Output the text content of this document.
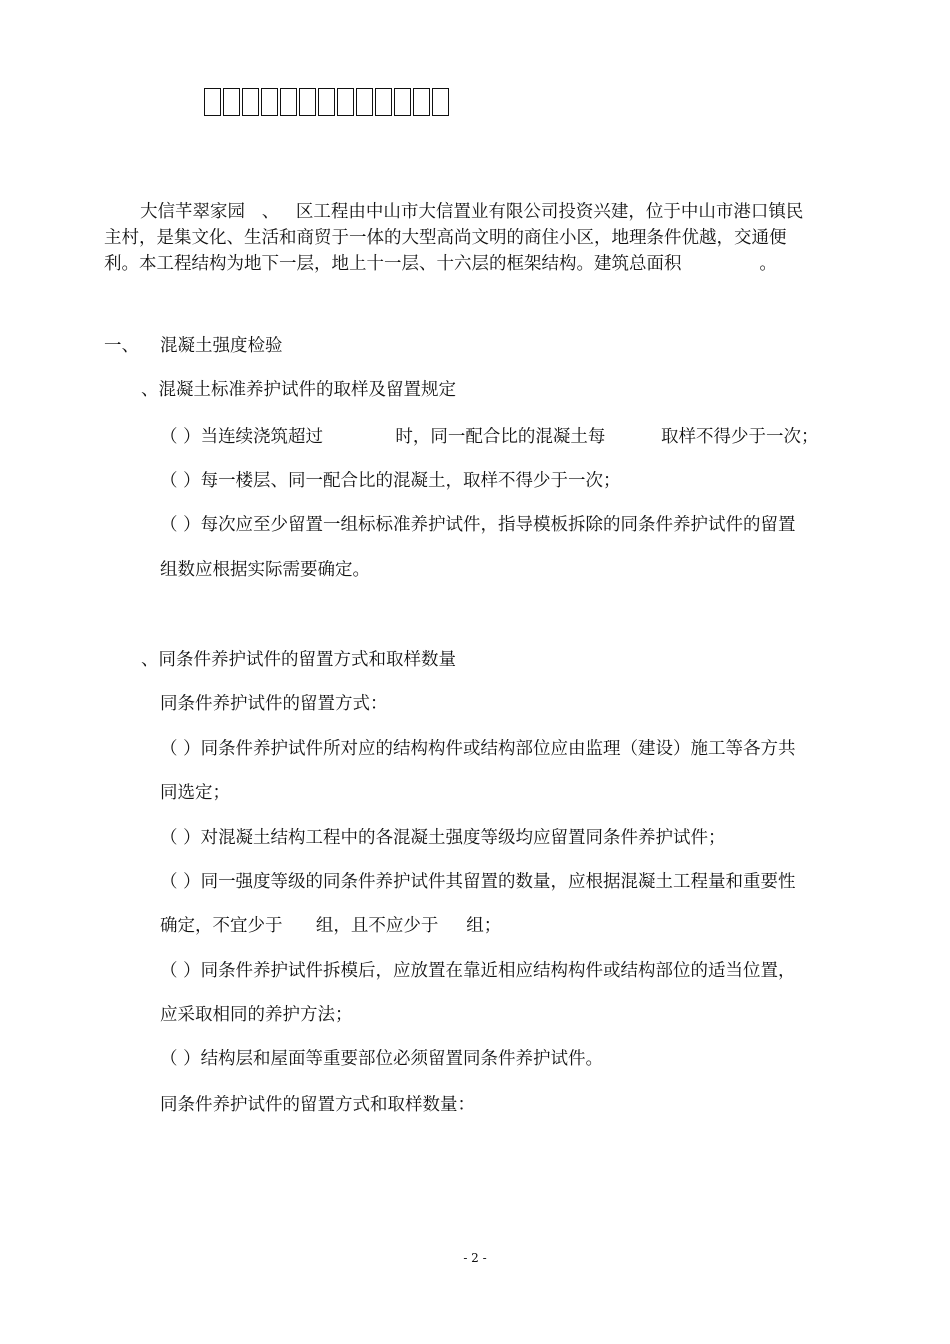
大信芊翠家园   、   区工程由中山市大信置业有限公司投资兴建，位于中山市港口镇民
主村，是集文化、生活和商贸于一体的大型高尚文明的商住小区，地理条件优越，交通便
利。本工程结构为地下一层，地上十一层、十六层的框架结构。建筑总面积              。
一、 混凝土强度检验
、混凝土标准养护试件的取样及留置规定
（ ）当连续浇筑超过             时，同一配合比的混凝土每          取样不得少于一次；
（ ）每一楼层、同一配合比的混凝土，取样不得少于一次；
（ ）每次应至少留置一组标标准养护试件，指导模板拆除的同条件养护试件的留置
组数应根据实际需要确定。
、同条件养护试件的留置方式和取样数量
同条件养护试件的留置方式：
（ ）同条件养护试件所对应的结构构件或结构部位应由监理（建设）施工等各方共
同选定；
（ ）对混凝土结构工程中的各混凝土强度等级均应留置同条件养护试件；
（ ）同一强度等级的同条件养护试件其留置的数量，应根据混凝土工程量和重要性
确定，不宜少于      组，且不应少于     组；
（ ）同条件养护试件拆模后，应放置在靠近相应结构构件或结构部位的适当位置，
应采取相同的养护方法；
（ ）结构层和屋面等重要部位必须留置同条件养护试件。
同条件养护试件的留置方式和取样数量：
- 2 -
